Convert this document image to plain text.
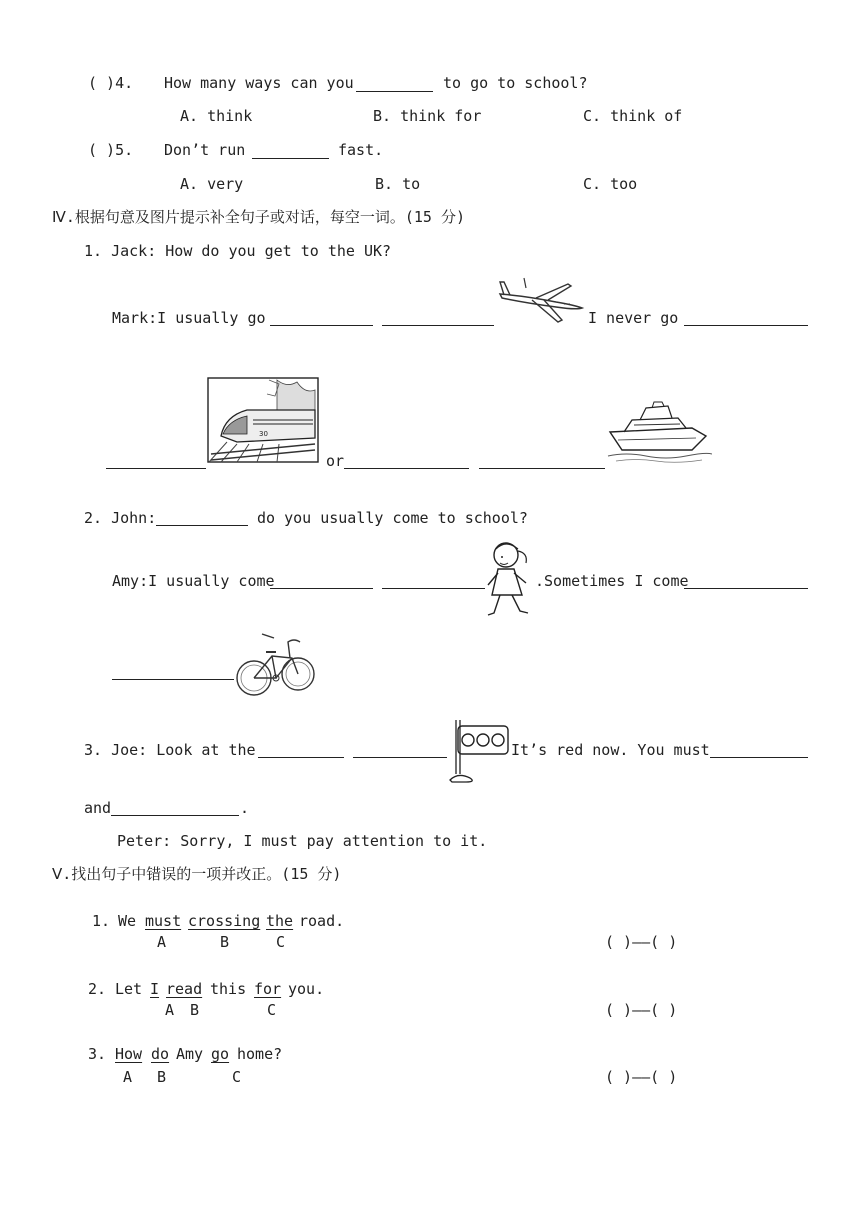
( )4. How many ways can you	to go to school?
A. think	B. think for	C. think of
( )5. Don’t run	fast.
A. very	B. to	C. too
Ⅳ.根据句意及图片提示补全句子或对话，每空一词。(15 分)
1. Jack: How do you get to the UK?
Mark:I usually go	I never go
30
or
2. John:	do you usually come to school?
Amy:I usually come	.Sometimes I come
3. Joe: Look at the	It’s red now. You must
and	.
Peter: Sorry, I must pay attention to it.
Ⅴ.找出句子中错误的一项并改正。(15 分)
1. We must crossing the road.
A	B	C	( )——( )
2. Let I read this for you.
A B	C	( )——( )
3. How do Amy go home?
A B	C	( )——( )
